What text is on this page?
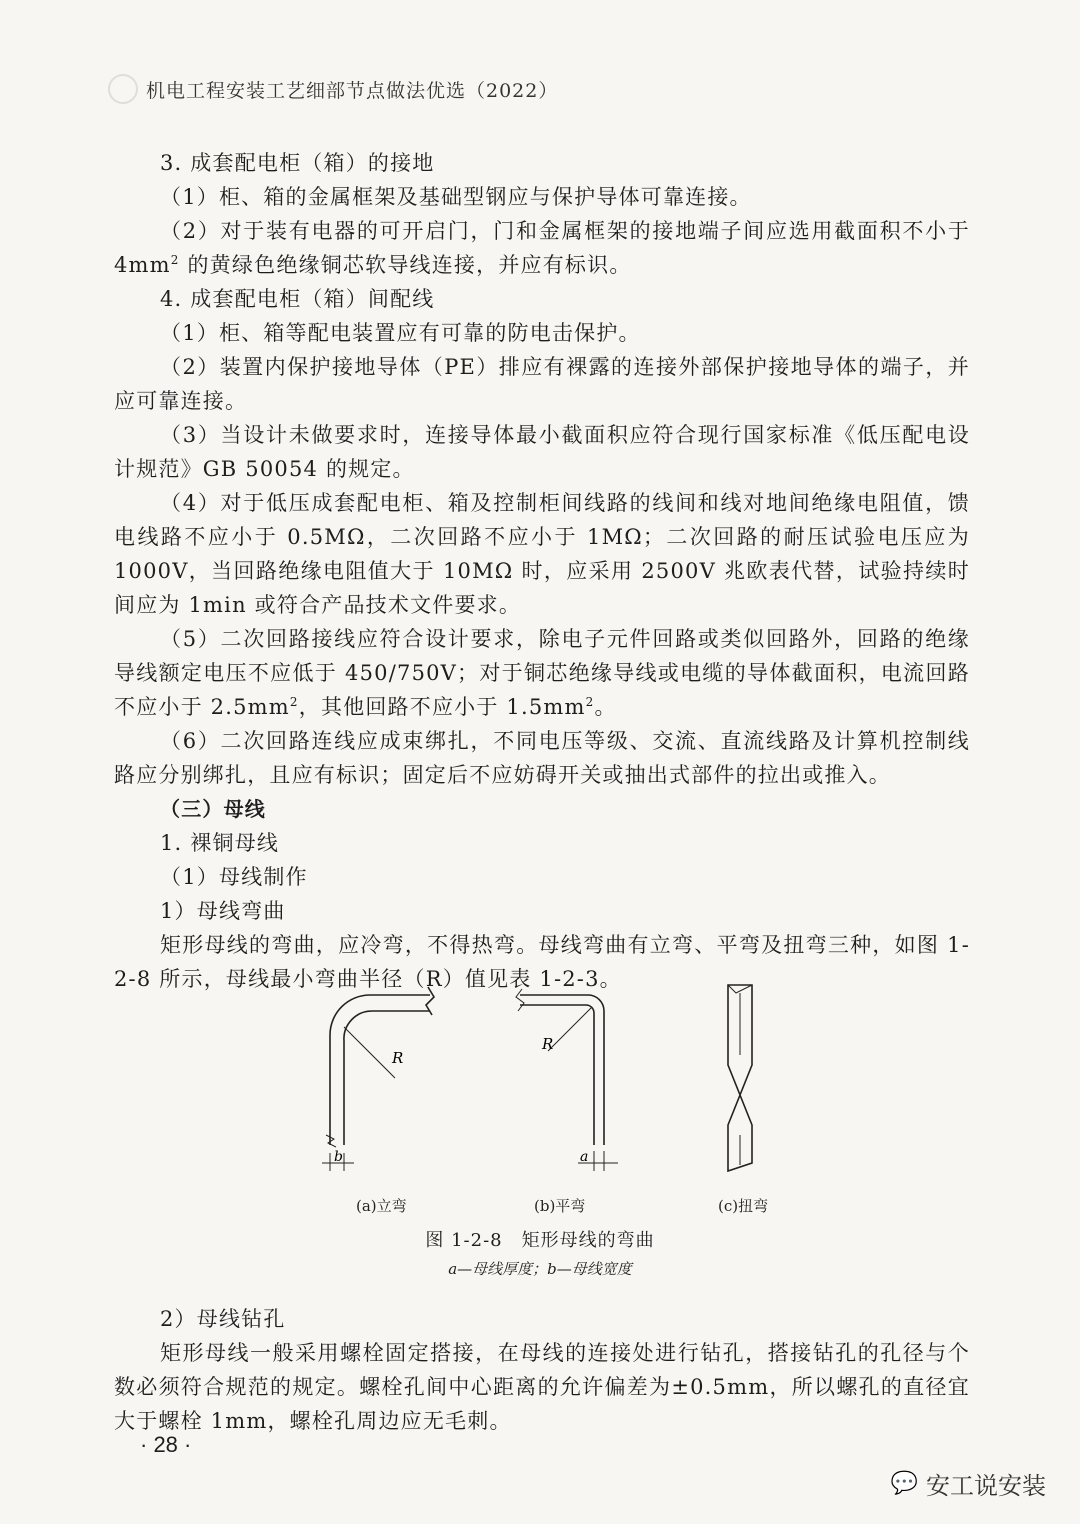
机电工程安装工艺细部节点做法优选（2022）

3. 成套配电柜（箱）的接地

（1）柜、箱的金属框架及基础型钢应与保护导体可靠连接。

（2）对于装有电器的可开启门，门和金属框架的接地端子间应选用截面积不小于 $4mm^2$ 的黄绿色绝缘铜芯软导线连接，并应有标识。

4. 成套配电柜（箱）间配线

（1）柜、箱等配电装置应有可靠的防电击保护。

（2）装置内保护接地导体（PE）排应有裸露的连接外部保护接地导体的端子，并应可靠连接。

（3）当设计未做要求时，连接导体最小截面积应符合现行国家标准《低压配电设计规范》GB 50054 的规定。

（4）对于低压成套配电柜、箱及控制柜间线路的线间和线对地间绝缘电阻值，馈电线路不应小于 0.5MΩ，二次回路不应小于 1MΩ；二次回路的耐压试验电压应为 1000V，当回路绝缘电阻值大于 10MΩ 时，应采用 2500V 兆欧表代替，试验持续时间应为 1min 或符合产品技术文件要求。

（5）二次回路接线应符合设计要求，除电子元件回路或类似回路外，回路的绝缘导线额定电压不应低于 450/750V；对于铜芯绝缘导线或电缆的导体截面积，电流回路不应小于 $2.5mm^2$，其他回路不应小于 $1.5mm^2$。

（6）二次回路连线应成束绑扎，不同电压等级、交流、直流线路及计算机控制线路应分别绑扎，且应有标识；固定后不应妨碍开关或抽出式部件的拉出或推入。

（三）母线

1. 裸铜母线

（1）母线制作

1）母线弯曲

矩形母线的弯曲，应冷弯，不得热弯。母线弯曲有立弯、平弯及扭弯三种，如图 1-2-8 所示，母线最小弯曲半径（R）值见表 1-2-3。

R
R
b	a
(a)立弯	(b)平弯	(c)扭弯
图 1-2-8　矩形母线的弯曲
a—母线厚度；b—母线宽度

2）母线钻孔

矩形母线一般采用螺栓固定搭接，在母线的连接处进行钻孔，搭接钻孔的孔径与个数必须符合规范的规定。螺栓孔间中心距离的允许偏差为±0.5mm，所以螺孔的直径宜大于螺栓 1mm，螺栓孔周边应无毛刺。

· 28 ·
💬 安工说安装
